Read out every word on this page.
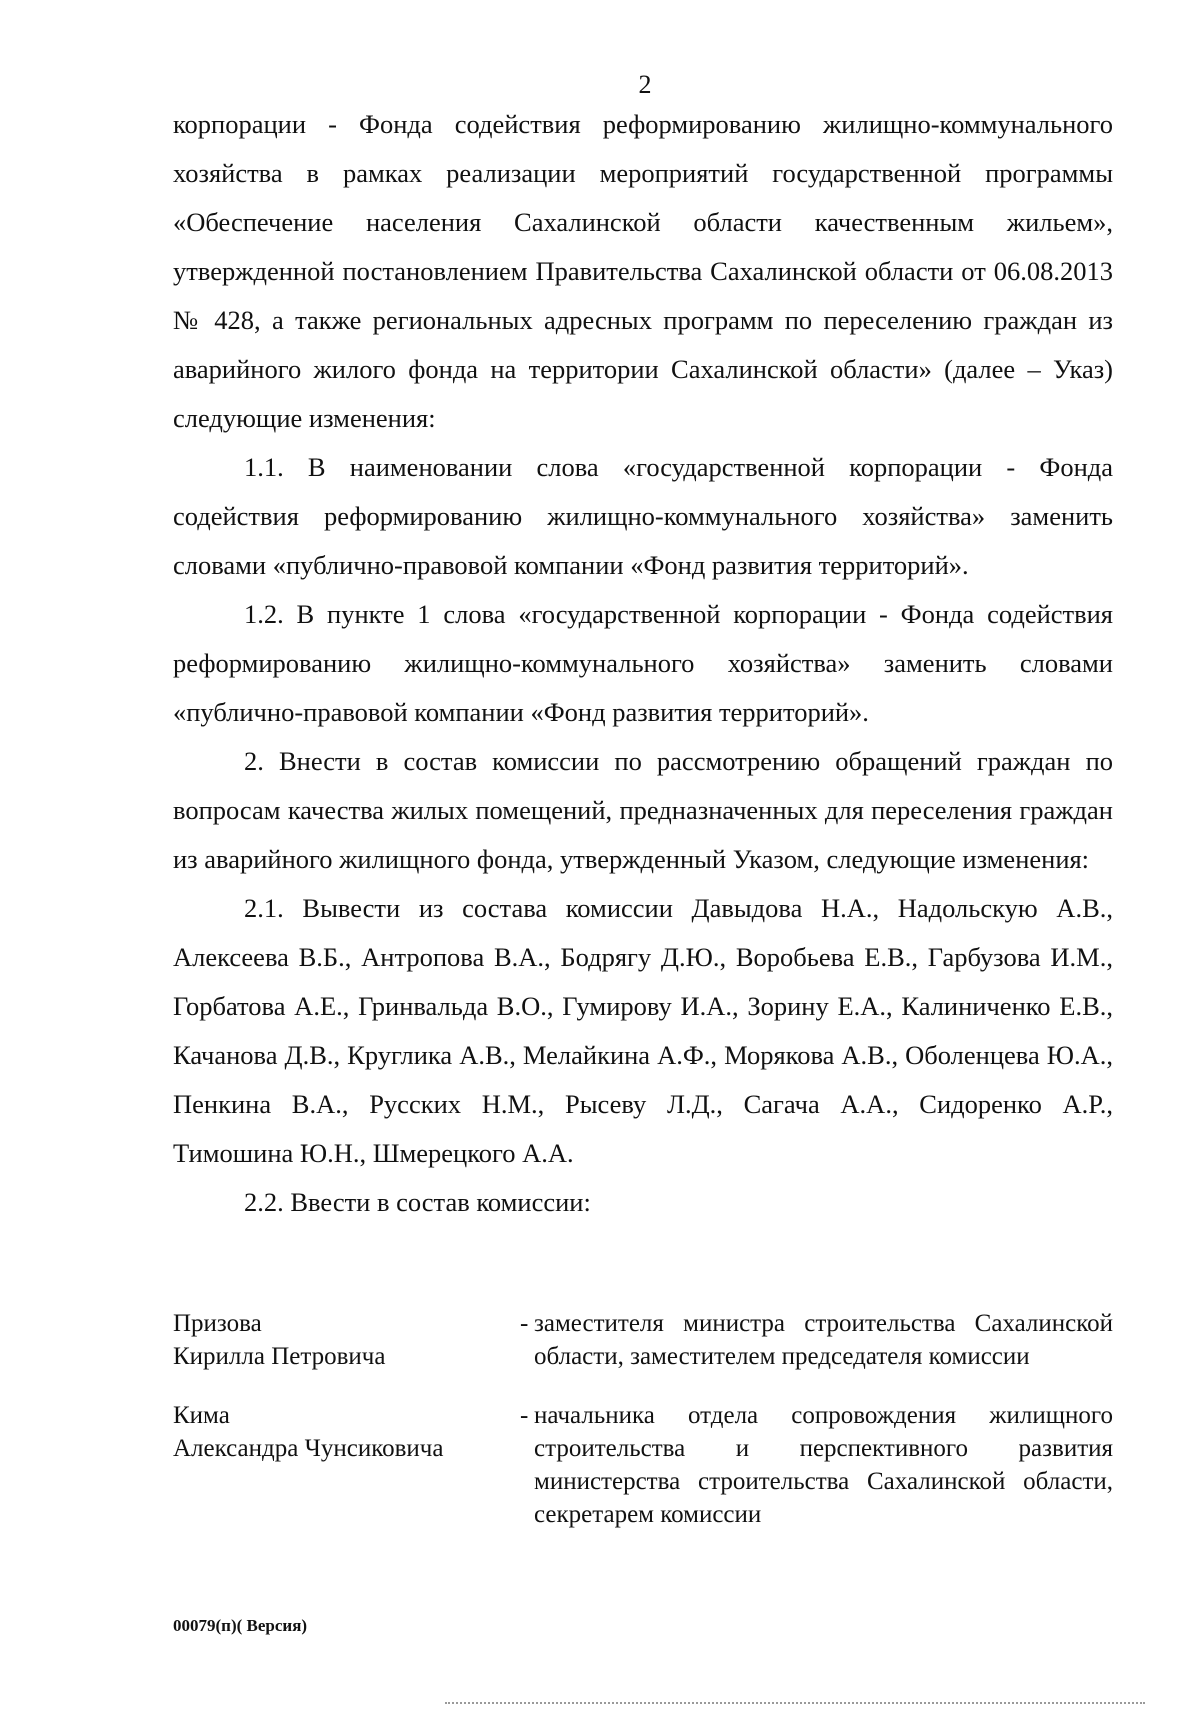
2

корпорации - Фонда содействия реформированию жилищно-коммунального хозяйства в рамках реализации мероприятий государственной программы «Обеспечение населения Сахалинской области качественным жильем», утвержденной постановлением Правительства Сахалинской области от 06.08.2013 № 428, а также региональных адресных программ по переселению граждан из аварийного жилого фонда на территории Сахалинской области» (далее – Указ) следующие изменения:

1.1. В наименовании слова «государственной корпорации - Фонда содействия реформированию жилищно-коммунального хозяйства» заменить словами «публично-правовой компании «Фонд развития территорий».

1.2. В пункте 1 слова «государственной корпорации - Фонда содействия реформированию жилищно-коммунального хозяйства» заменить словами «публично-правовой компании «Фонд развития территорий».

2. Внести в состав комиссии по рассмотрению обращений граждан по вопросам качества жилых помещений, предназначенных для переселения граждан из аварийного жилищного фонда, утвержденный Указом, следующие изменения:

2.1. Вывести из состава комиссии Давыдова Н.А., Надольскую А.В., Алексеева В.Б., Антропова В.А., Бодрягу Д.Ю., Воробьева Е.В., Гарбузова И.М., Горбатова А.Е., Гринвальда В.О., Гумирову И.А., Зорину Е.А., Калиниченко Е.В., Качанова Д.В., Круглика А.В., Мелайкина А.Ф., Морякова А.В., Оболенцева Ю.А., Пенкина В.А., Русских Н.М., Рысеву Л.Д., Сагача А.А., Сидоренко А.Р., Тимошина Ю.Н., Шмерецкого А.А.

2.2. Ввести в состав комиссии:

Призова
Кирилла Петровича
- заместителя министра строительства Сахалинской области, заместителем председателя комиссии
Кима
Александра Чунсиковича
- начальника отдела сопровождения жилищного строительства и перспективного развития министерства строительства Сахалинской области, секретарем комиссии
00079(п)( Версия)
